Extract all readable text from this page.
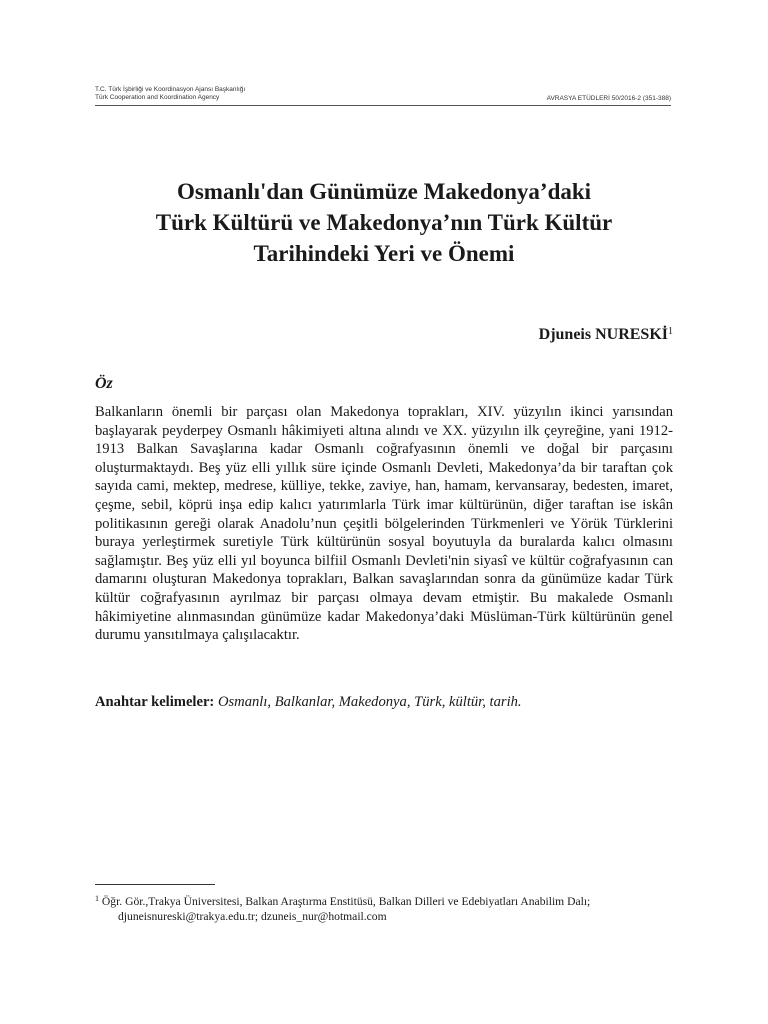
T.C. Türk İşbirliği ve Koordinasyon Ajansı Başkanlığı
Türk Cooperation and Koordination Agency	AVRASYA ETÜDLERİ 50/2016-2 (351-388)
Osmanlı'dan Günümüze Makedonya’daki
Türk Kültürü ve Makedonya’nın Türk Kültür
Tarihindeki Yeri ve Önemi
Djuneis NURESKİ$^1$
Öz
Balkanların önemli bir parçası olan Makedonya toprakları, XIV. yüzyılın ikinci yarısından başlayarak peyderpey Osmanlı hâkimiyeti altına alındı ve XX. yüzyılın ilk çeyreğine, yani 1912-1913 Balkan Savaşlarına kadar Osmanlı coğrafyasının önemli ve doğal bir parçasını oluşturmaktaydı. Beş yüz elli yıllık süre içinde Osmanlı Devleti, Makedonya’da bir taraftan çok sayıda cami, mektep, medrese, külliye, tekke, zaviye, han, hamam, kervansaray, bedesten, imaret, çeşme, sebil, köprü inşa edip kalıcı yatırımlarla Türk imar kültürünün, diğer taraftan ise iskân politikasının gereği olarak Anadolu’nun çeşitli bölgelerinden Türkmenleri ve Yörük Türklerini buraya yerleştirmek suretiyle Türk kültürünün sosyal boyutuyla da buralarda kalıcı olmasını sağlamıştır. Beş yüz elli yıl boyunca bilfiil Osmanlı Devleti'nin siyasî ve kültür coğrafyasının can damarını oluşturan Makedonya toprakları, Balkan savaşlarından sonra da günümüze kadar Türk kültür coğrafyasının ayrılmaz bir parçası olmaya devam etmiştir. Bu makalede Osmanlı hâkimiyetine alınmasından günümüze kadar Makedonya’daki Müslüman-Türk kültürünün genel durumu yansıtılmaya çalışılacaktır.
Anahtar kelimeler: Osmanlı, Balkanlar, Makedonya, Türk, kültür, tarih.
$^1$ Öğr. Gör.,Trakya Üniversitesi, Balkan Araştırma Enstitüsü, Balkan Dilleri ve Edebiyatları Anabilim Dalı;
djuneisnureski@trakya.edu.tr; dzuneis_nur@hotmail.com
